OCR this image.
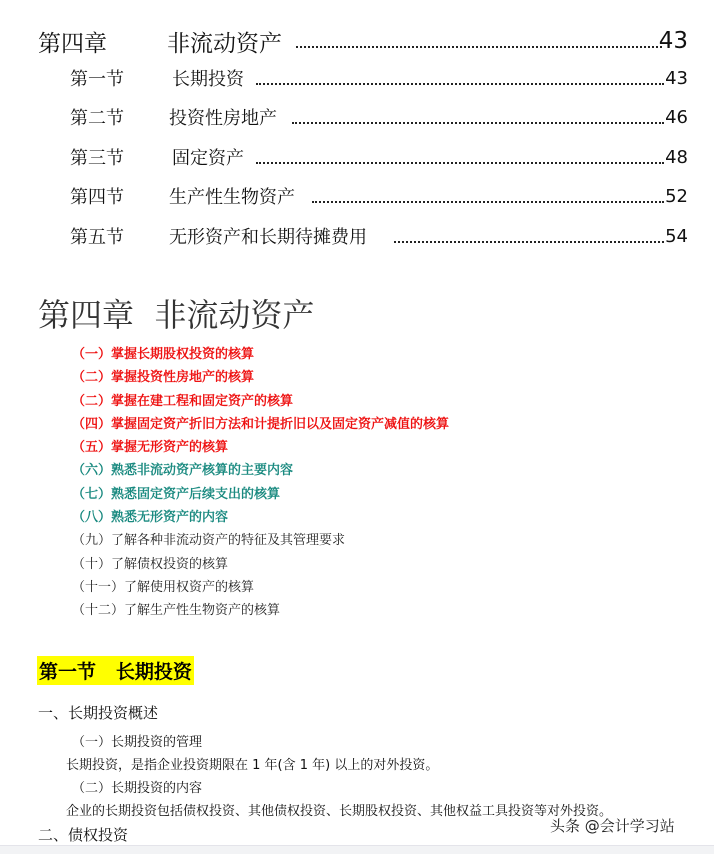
第四章	非流动资产	43
第一节	长期投资	43
第二节	投资性房地产	46
第三节	固定资产	48
第四节	生产性生物资产	52
第五节	无形资产和长期待摊费用	54
第四章  非流动资产
（一）掌握长期股权投资的核算
（二）掌握投资性房地产的核算
（二）掌握在建工程和固定资产的核算
（四）掌握固定资产折旧方法和计提折旧以及固定资产减值的核算
（五）掌握无形资产的核算
（六）熟悉非流动资产核算的主要内容
（七）熟悉固定资产后续支出的核算
（八）熟悉无形资产的内容
（九）了解各种非流动资产的特征及其管理要求
（十）了解债权投资的核算
（十一）了解使用权资产的核算
（十二）了解生产性生物资产的核算
第一节   长期投资
一、长期投资概述
（一）长期投资的管理
长期投资，是指企业投资期限在 1 年(含 1 年) 以上的对外投资。
（二）长期投资的内容
企业的长期投资包括债权投资、其他债权投资、长期股权投资、其他权益工具投资等对外投资。
二、债权投资	头条 @会计学习站
